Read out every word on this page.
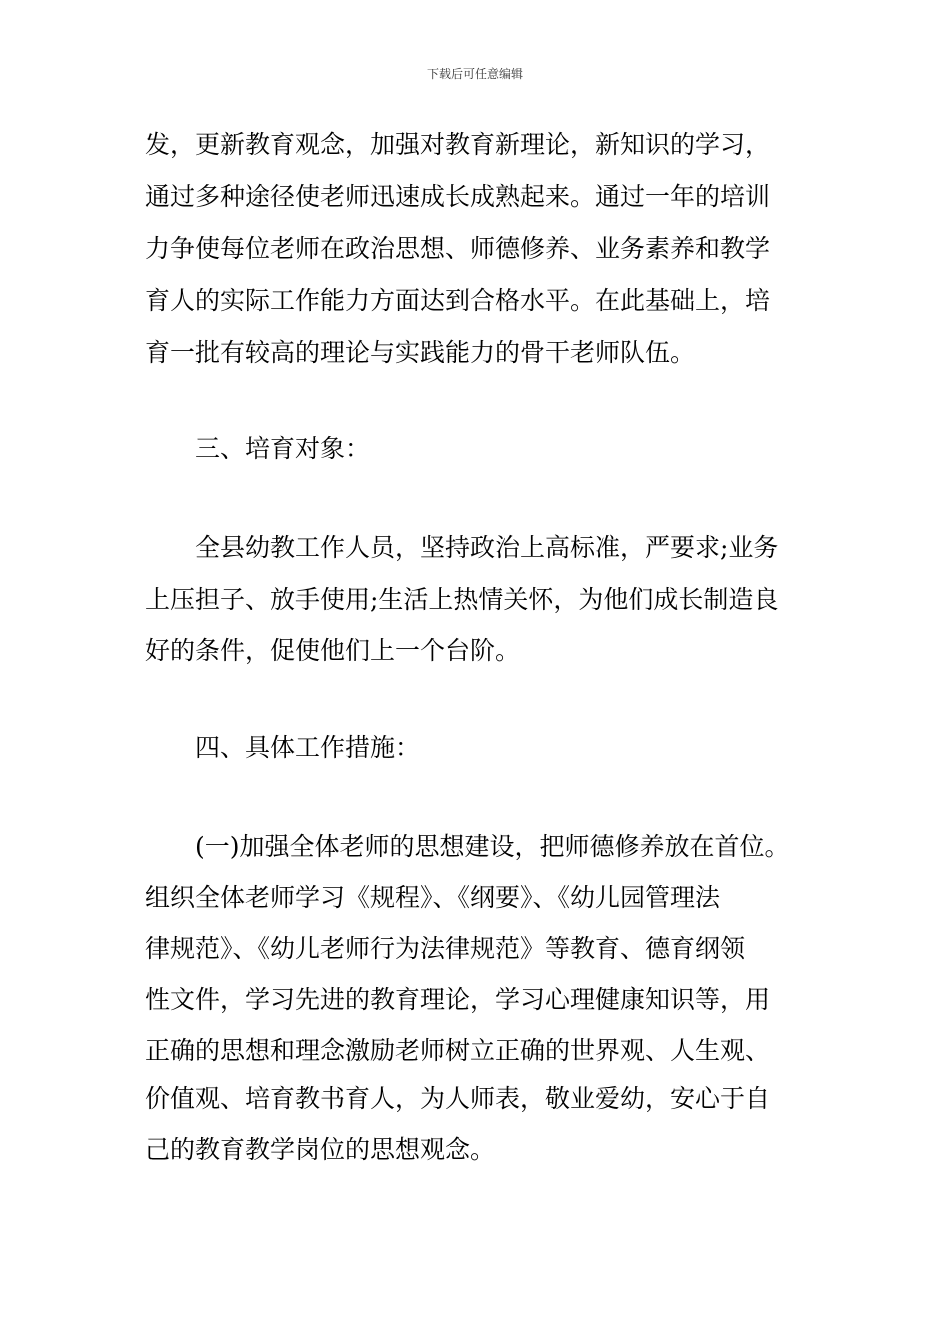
下载后可任意编辑
发，更新教育观念，加强对教育新理论，新知识的学习，
通过多种途径使老师迅速成长成熟起来。通过一年的培训
力争使每位老师在政治思想、师德修养、业务素养和教学
育人的实际工作能力方面达到合格水平。在此基础上，培
育一批有较高的理论与实践能力的骨干老师队伍。
三、培育对象：
全县幼教工作人员，坚持政治上高标准，严要求;业务
上压担子、放手使用;生活上热情关怀，为他们成长制造良
好的条件，促使他们上一个台阶。
四、具体工作措施：
(一)加强全体老师的思想建设，把师德修养放在首位。
组织全体老师学习《规程》、《纲要》、《幼儿园管理法
律规范》、《幼儿老师行为法律规范》等教育、德育纲领
性文件，学习先进的教育理论，学习心理健康知识等，用
正确的思想和理念激励老师树立正确的世界观、人生观、
价值观、培育教书育人，为人师表，敬业爱幼，安心于自
己的教育教学岗位的思想观念。
